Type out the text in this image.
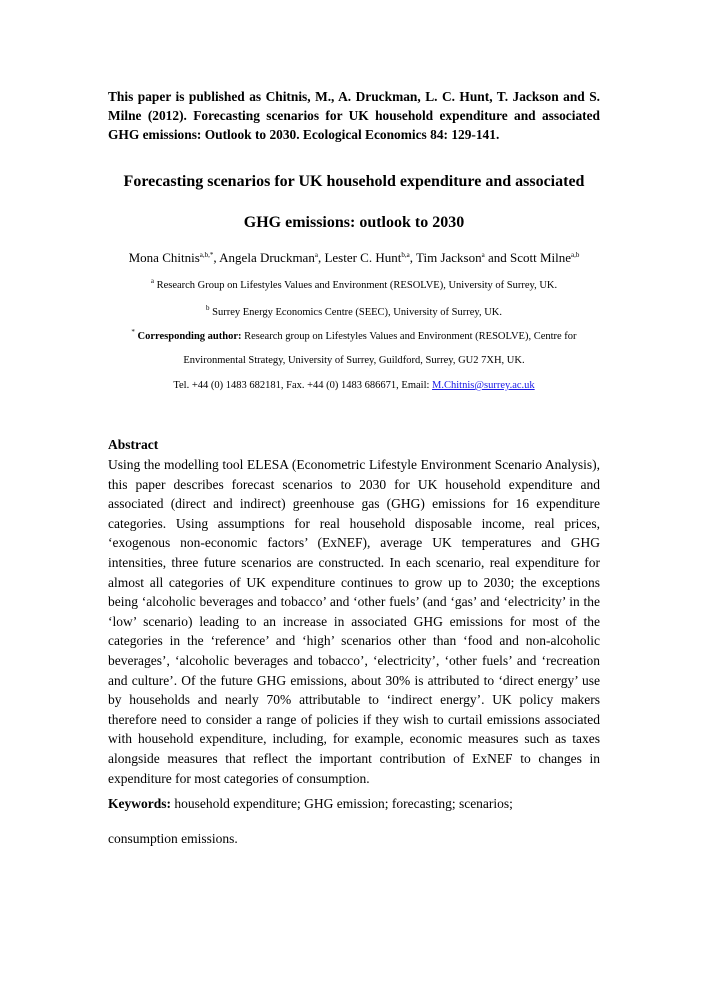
This paper is published as Chitnis, M., A. Druckman, L. C. Hunt, T. Jackson and S. Milne (2012). Forecasting scenarios for UK household expenditure and associated GHG emissions: Outlook to 2030. Ecological Economics 84: 129-141.
Forecasting scenarios for UK household expenditure and associated
GHG emissions: outlook to 2030
Mona Chitnis$^{a,b,*}$, Angela Druckman$^a$, Lester C. Hunt$^{b,a}$, Tim Jackson$^a$ and Scott Milne$^{a,b}$
$^a$ Research Group on Lifestyles Values and Environment (RESOLVE), University of Surrey, UK.
$^b$ Surrey Energy Economics Centre (SEEC), University of Surrey, UK.
* Corresponding author: Research group on Lifestyles Values and Environment (RESOLVE), Centre for
Environmental Strategy, University of Surrey, Guildford, Surrey, GU2 7XH, UK.
Tel. +44 (0) 1483 682181, Fax. +44 (0) 1483 686671, Email: M.Chitnis@surrey.ac.uk
Abstract
Using the modelling tool ELESA (Econometric Lifestyle Environment Scenario Analysis), this paper describes forecast scenarios to 2030 for UK household expenditure and associated (direct and indirect) greenhouse gas (GHG) emissions for 16 expenditure categories. Using assumptions for real household disposable income, real prices, ‘exogenous non-economic factors’ (ExNEF), average UK temperatures and GHG intensities, three future scenarios are constructed. In each scenario, real expenditure for almost all categories of UK expenditure continues to grow up to 2030; the exceptions being ‘alcoholic beverages and tobacco’ and ‘other fuels’ (and ‘gas’ and ‘electricity’ in the ‘low’ scenario) leading to an increase in associated GHG emissions for most of the categories in the ‘reference’ and ‘high’ scenarios other than ‘food and non-alcoholic beverages’, ‘alcoholic beverages and tobacco’, ‘electricity’, ‘other fuels’ and ‘recreation and culture’. Of the future GHG emissions, about 30% is attributed to ‘direct energy’ use by households and nearly 70% attributable to ‘indirect energy’. UK policy makers therefore need to consider a range of policies if they wish to curtail emissions associated with household expenditure, including, for example, economic measures such as taxes alongside measures that reflect the important contribution of ExNEF to changes in expenditure for most categories of consumption.
Keywords: household expenditure; GHG emission; forecasting; scenarios;
consumption emissions.
